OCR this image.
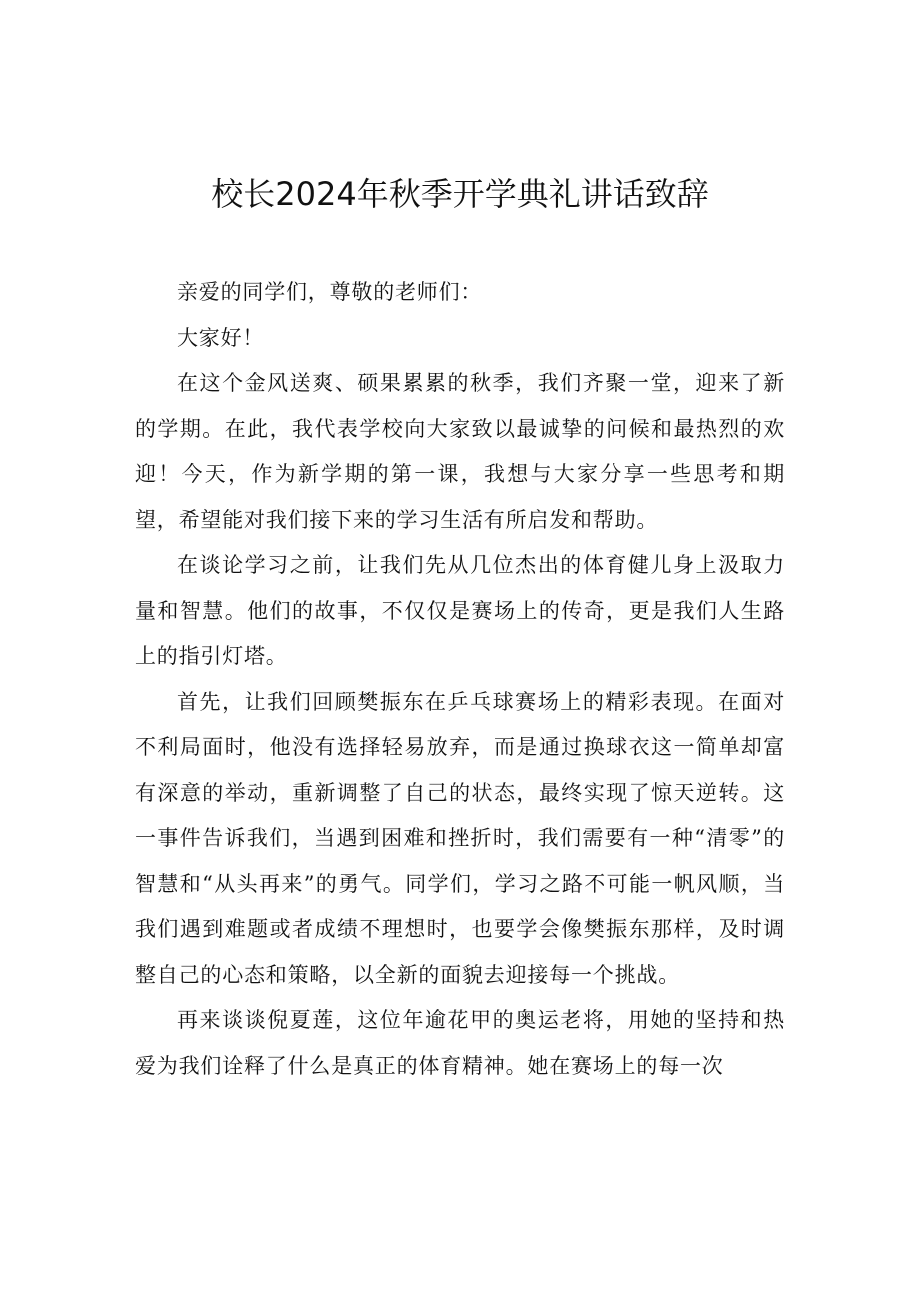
校长2024年秋季开学典礼讲话致辞

亲爱的同学们，尊敬的老师们：

大家好！

在这个金风送爽、硕果累累的秋季，我们齐聚一堂，迎来了新的学期。在此，我代表学校向大家致以最诚挚的问候和最热烈的欢迎！今天，作为新学期的第一课，我想与大家分享一些思考和期望，希望能对我们接下来的学习生活有所启发和帮助。

在谈论学习之前，让我们先从几位杰出的体育健儿身上汲取力量和智慧。他们的故事，不仅仅是赛场上的传奇，更是我们人生路上的指引灯塔。

首先，让我们回顾樊振东在乒乓球赛场上的精彩表现。在面对不利局面时，他没有选择轻易放弃，而是通过换球衣这一简单却富有深意的举动，重新调整了自己的状态，最终实现了惊天逆转。这一事件告诉我们，当遇到困难和挫折时，我们需要有一种“清零”的智慧和“从头再来”的勇气。同学们，学习之路不可能一帆风顺，当我们遇到难题或者成绩不理想时，也要学会像樊振东那样，及时调整自己的心态和策略，以全新的面貌去迎接每一个挑战。

再来谈谈倪夏莲，这位年逾花甲的奥运老将，用她的坚持和热爱为我们诠释了什么是真正的体育精神。她在赛场上的每一次
